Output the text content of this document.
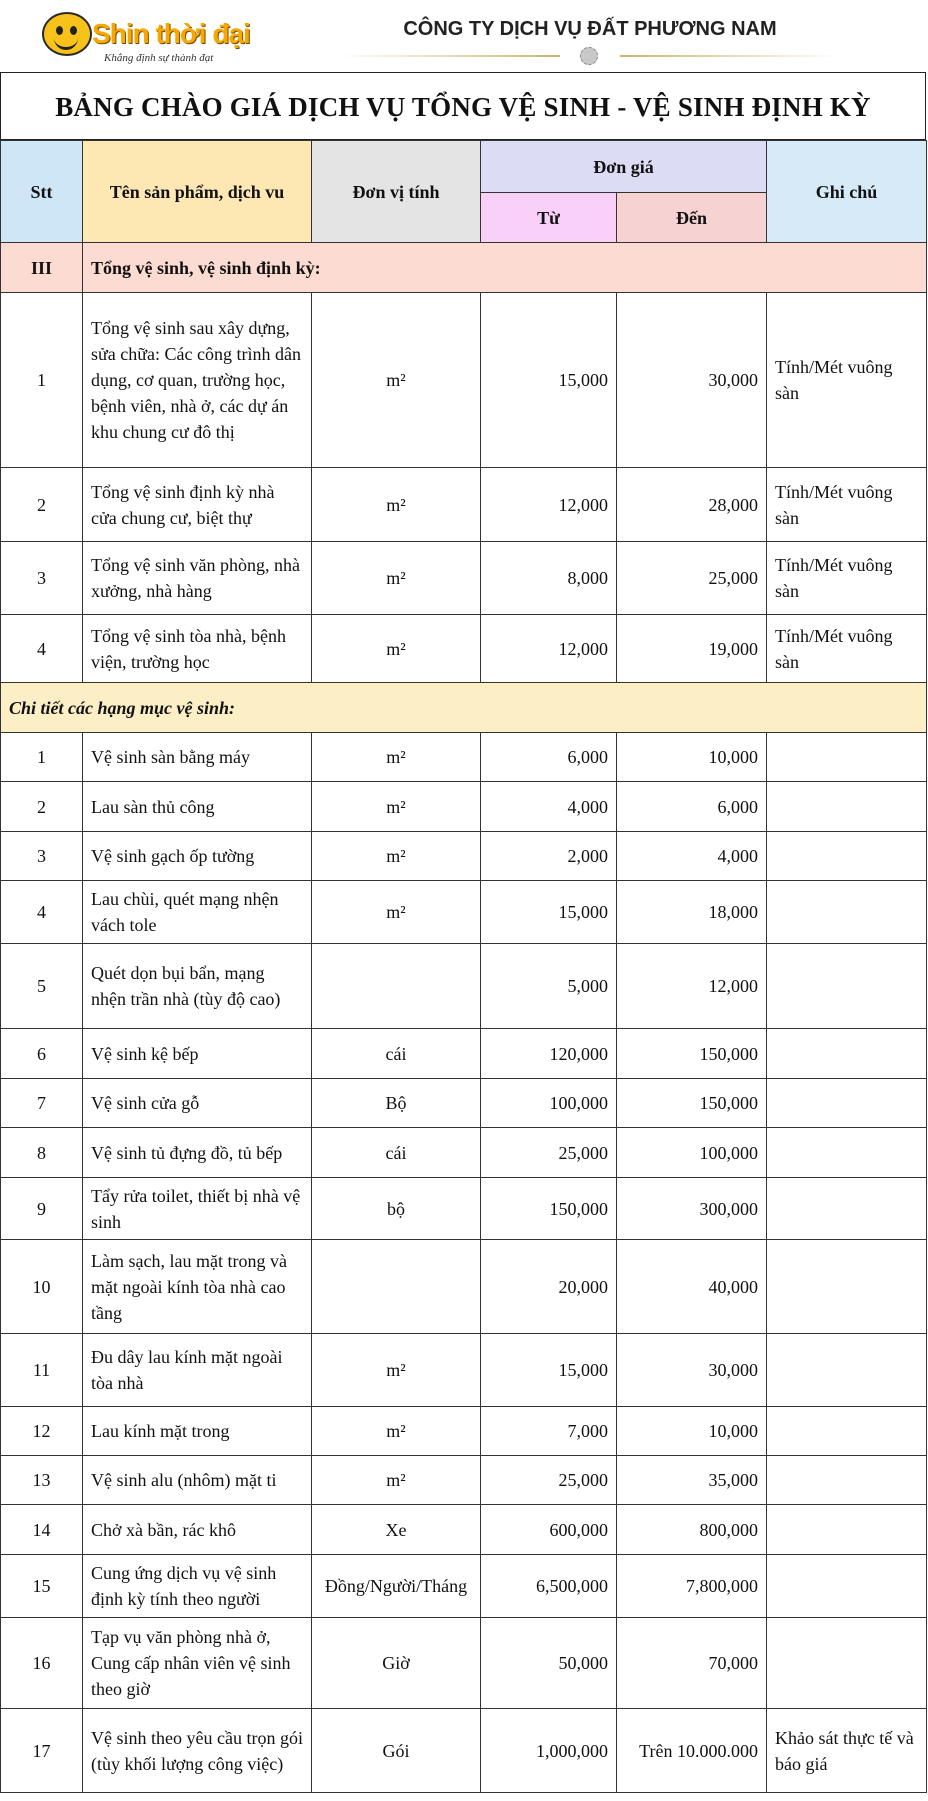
Shin thời đại
Khẳng định sự thành đạt
CÔNG TY DỊCH VỤ ĐẤT PHƯƠNG NAM
BẢNG CHÀO GIÁ DỊCH VỤ TỔNG VỆ SINH - VỆ SINH ĐỊNH KỲ
Stt	Tên sản phẩm, dịch vu	Đơn vị tính	Đơn giá		Ghi chú
			Từ	Đến	
III	Tổng vệ sinh, vệ sinh định kỳ:				
1	Tổng vệ sinh sau xây dựng, sửa chữa: Các công trình dân dụng, cơ quan, trường học, bệnh viên, nhà ở, các dự án khu chung cư đô thị	m²	15,000	30,000	Tính/Mét vuông sàn
2	Tổng vệ sinh định kỳ nhà cửa chung cư, biệt thự	m²	12,000	28,000	Tính/Mét vuông sàn
3	Tổng vệ sinh văn phòng, nhà xưởng, nhà hàng	m²	8,000	25,000	Tính/Mét vuông sàn
4	Tổng vệ sinh tòa nhà, bệnh viện, trường học	m²	12,000	19,000	Tính/Mét vuông sàn
Chi tiết các hạng mục vệ sinh:					
1	Vệ sinh sàn bằng máy	m²	6,000	10,000	
2	Lau sàn thủ công	m²	4,000	6,000	
3	Vệ sinh gạch ốp tường	m²	2,000	4,000	
4	Lau chùi, quét mạng nhện vách tole	m²	15,000	18,000	
5	Quét dọn bụi bẩn, mạng nhện trần nhà (tùy độ cao)		5,000	12,000	
6	Vệ sinh kệ bếp	cái	120,000	150,000	
7	Vệ sinh cửa gỗ	Bộ	100,000	150,000	
8	Vệ sinh tủ đựng đồ, tủ bếp	cái	25,000	100,000	
9	Tẩy rửa toilet, thiết bị nhà vệ sinh	bộ	150,000	300,000	
10	Làm sạch, lau mặt trong và mặt ngoài kính tòa nhà cao tầng		20,000	40,000	
11	Đu dây lau kính mặt ngoài tòa nhà	m²	15,000	30,000	
12	Lau kính mặt trong	m²	7,000	10,000	
13	Vệ sinh alu (nhôm) mặt ti	m²	25,000	35,000	
14	Chở xà bần, rác khô	Xe	600,000	800,000	
15	Cung ứng dịch vụ vệ sinh định kỳ tính theo người	Đồng/Người/Tháng	6,500,000	7,800,000	
16	Tạp vụ văn phòng nhà ở, Cung cấp nhân viên vệ sinh theo giờ	Giờ	50,000	70,000	
17	Vệ sinh theo yêu cầu trọn gói (tùy khối lượng công việc)	Gói	1,000,000	Trên 10.000.000	Khảo sát thực tế và báo giá
